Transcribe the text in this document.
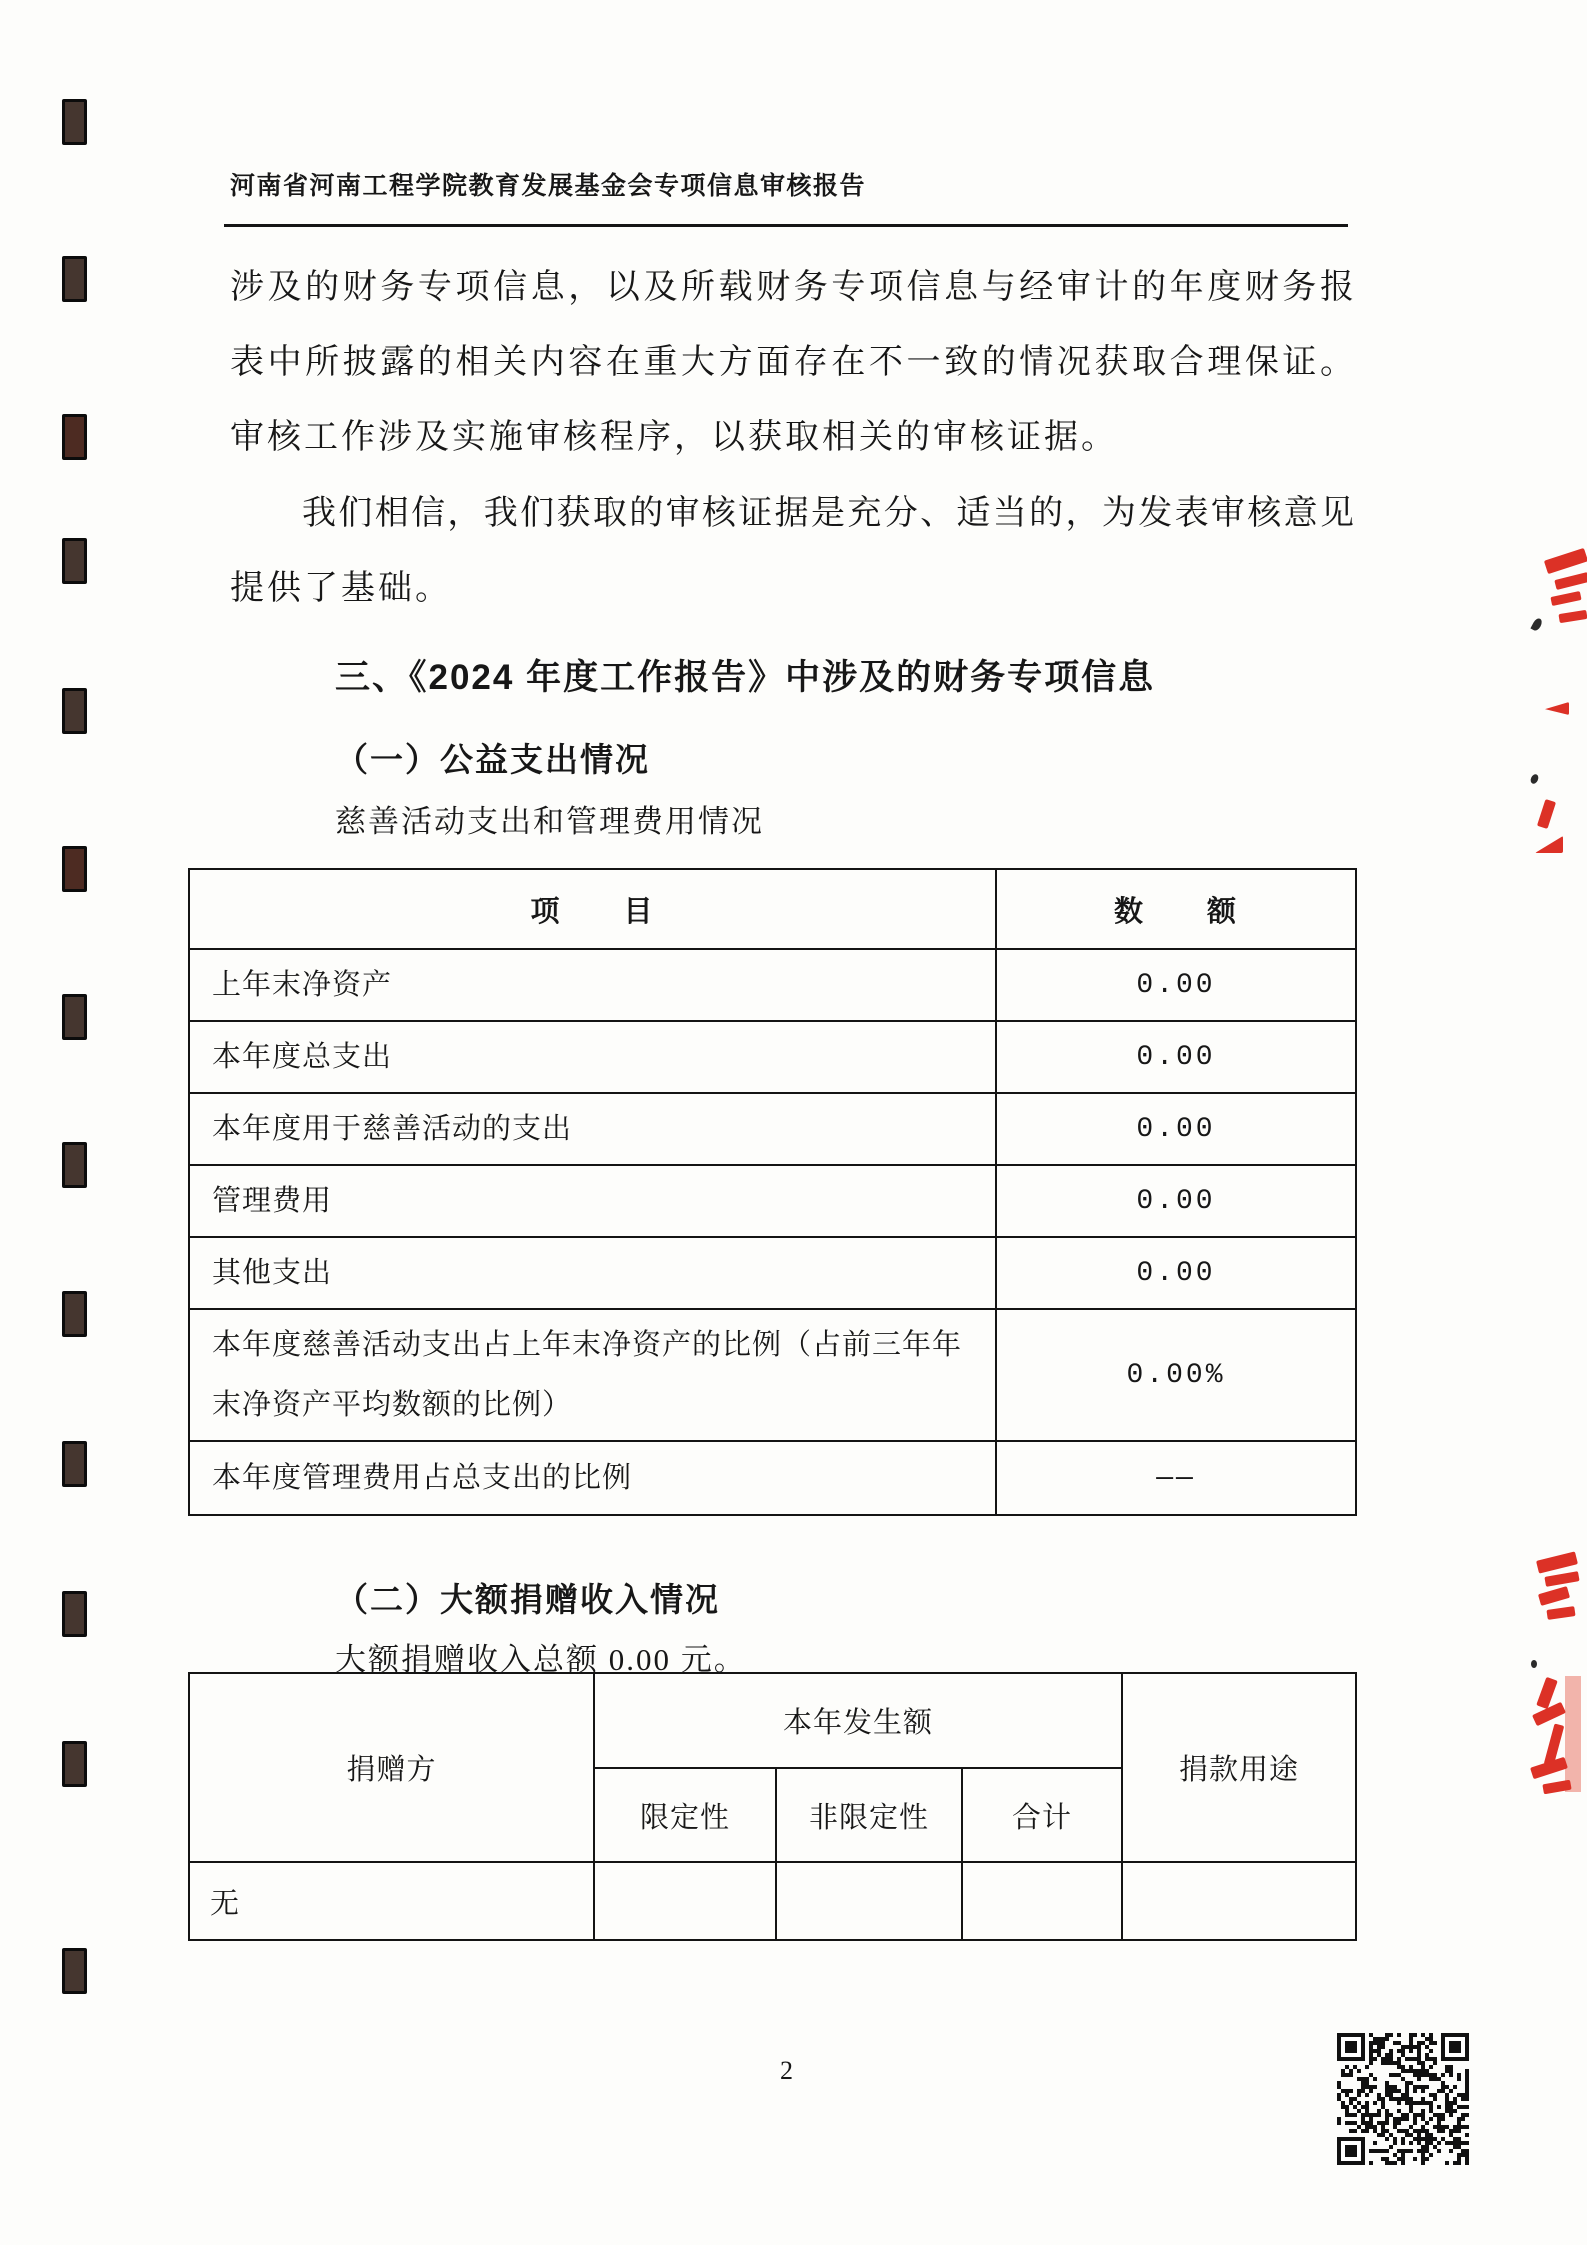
河南省河南工程学院教育发展基金会专项信息审核报告
涉及的财务专项信息，以及所载财务专项信息与经审计的年度财务报
表中所披露的相关内容在重大方面存在不一致的情况获取合理保证。
审核工作涉及实施审核程序，以获取相关的审核证据。
我们相信，我们获取的审核证据是充分、适当的，为发表审核意见
提供了基础。
三、《2024 年度工作报告》中涉及的财务专项信息
（一）公益支出情况
慈善活动支出和管理费用情况
项　　目	数　　额
上年末净资产	0.00
本年度总支出	0.00
本年度用于慈善活动的支出	0.00
管理费用	0.00
其他支出	0.00
本年度慈善活动支出占上年末净资产的比例（占前三年年末净资产平均数额的比例）	0.00%
本年度管理费用占总支出的比例	——
（二）大额捐赠收入情况
大额捐赠收入总额 0.00 元。
捐赠方	本年发生额			捐款用途
	限定性	非限定性	合计	
无				
2
